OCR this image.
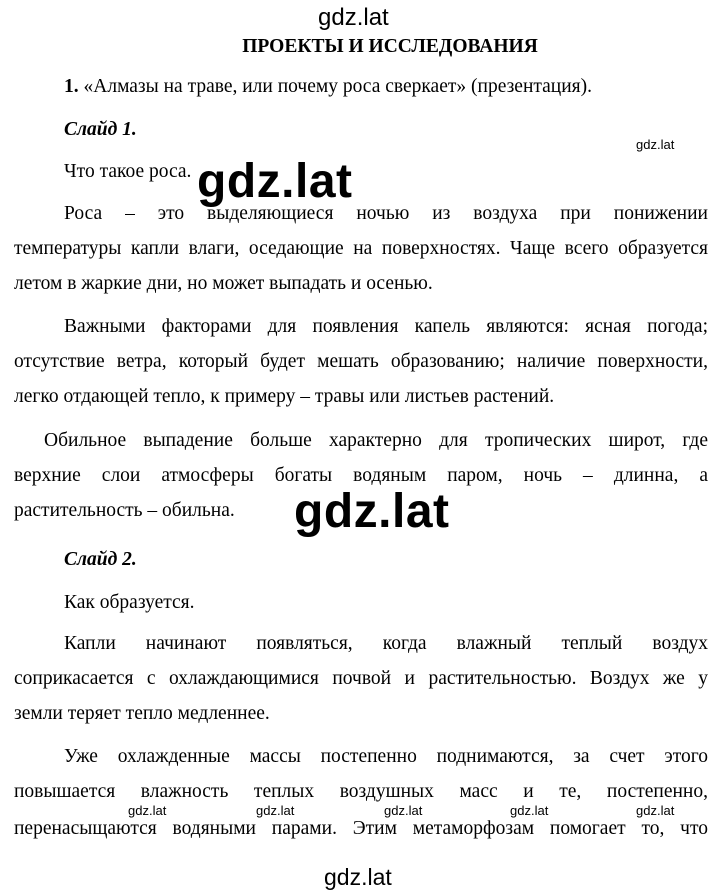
gdz.lat
gdz.lat
ПРОЕКТЫ И ИССЛЕДОВАНИЯ
1. «Алмазы на траве, или почему роса сверкает» (презентация).
Слайд 1.
Что такое роса.
Роса – это выделяющиеся ночью из воздуха при понижении
температуры капли влаги, оседающие на поверхностях. Чаще всего образуется
летом в жаркие дни, но может выпадать и осенью.
Важными факторами для появления капель являются: ясная погода;
отсутствие ветра, который будет мешать образованию; наличие поверхности,
легко отдающей тепло, к примеру – травы или листьев растений.
Обильное выпадение больше характерно для тропических широт, где
верхние слои атмосферы богаты водяным паром, ночь – длинна, а
растительность – обильна.
Слайд 2.
Как образуется.
Капли начинают появляться, когда влажный теплый воздух
соприкасается с охлаждающимися почвой и растительностью. Воздух же у
земли теряет тепло медленнее.
Уже охлажденные массы постепенно поднимаются, за счет этого
повышается влажность теплых воздушных масс и те, постепенно,
перенасыщаются водяными парами. Этим метаморфозам помогает то, что
gdz.lat	gdz.lat	gdz.lat	gdz.lat	gdz.lat
gdz.lat
gdz.lat
gdz.lat
